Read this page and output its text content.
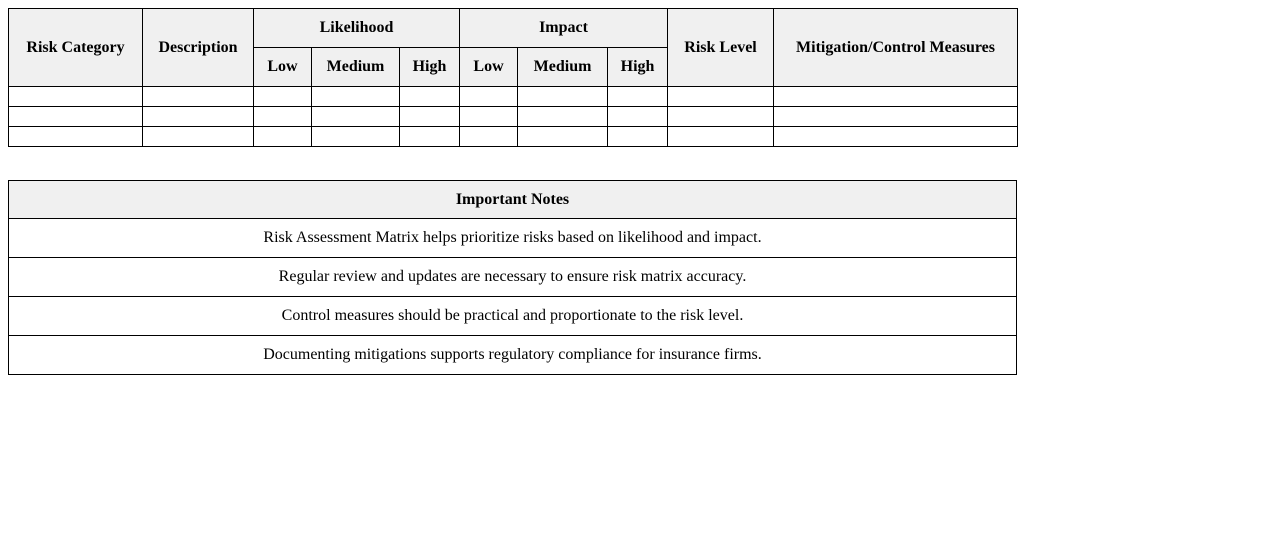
Risk Category	Description	Likelihood			Impact			Risk Level	Mitigation/Control Measures
		Low	Medium	High	Low	Medium	High		

Important Notes
Risk Assessment Matrix helps prioritize risks based on likelihood and impact.
Regular review and updates are necessary to ensure risk matrix accuracy.
Control measures should be practical and proportionate to the risk level.
Documenting mitigations supports regulatory compliance for insurance firms.
